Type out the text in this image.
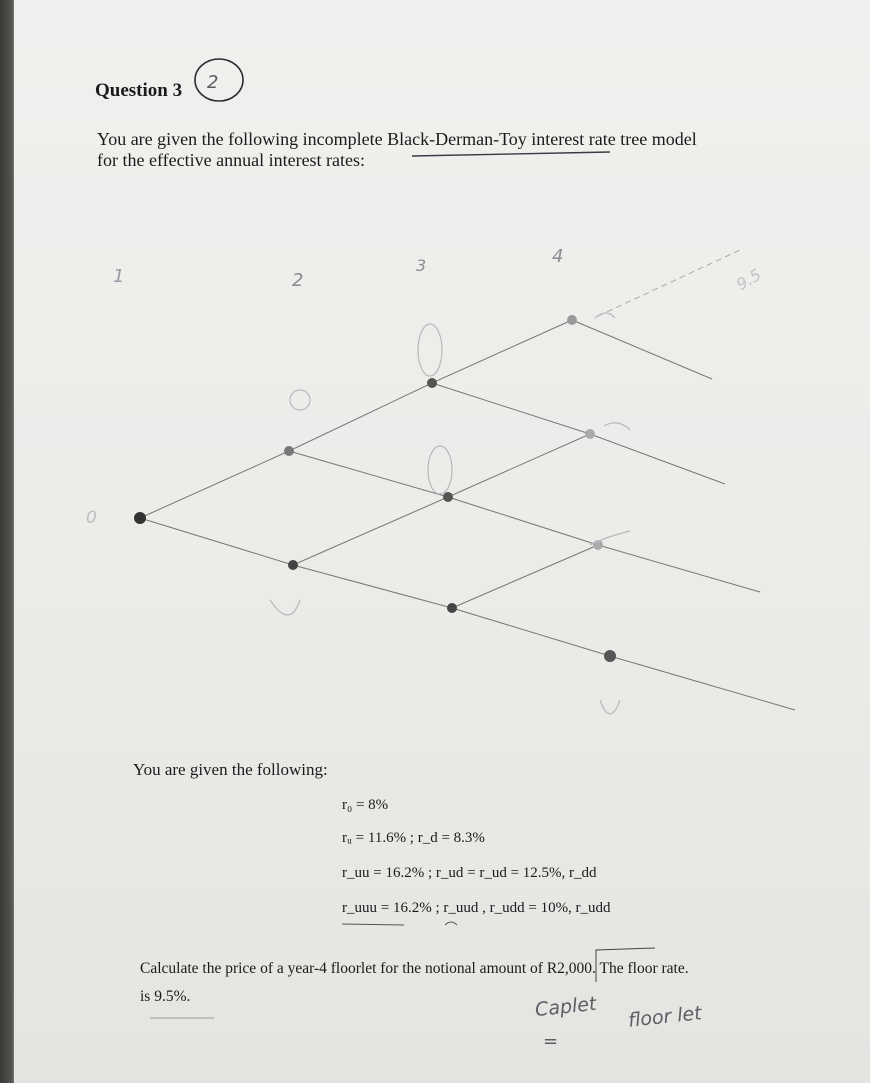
Question 3 2
You are given the following incomplete Black-Derman-Toy interest rate tree model
for the effective annual interest rates:
1	2
3	4
0
9.5
You are given the following:
r₀ = 8%
rᵤ = 11.6% ; r_d = 8.3%
r_uu = 16.2% ; r_ud = r_ud = 12.5%, r_dd
r_uuu = 16.2% ; r_uud , r_udd = 10%, r_udd
Calculate the price of a year-4 floorlet for the notional amount of R2,000. The floor rate.
is 9.5%.	Caplet floor let
=
